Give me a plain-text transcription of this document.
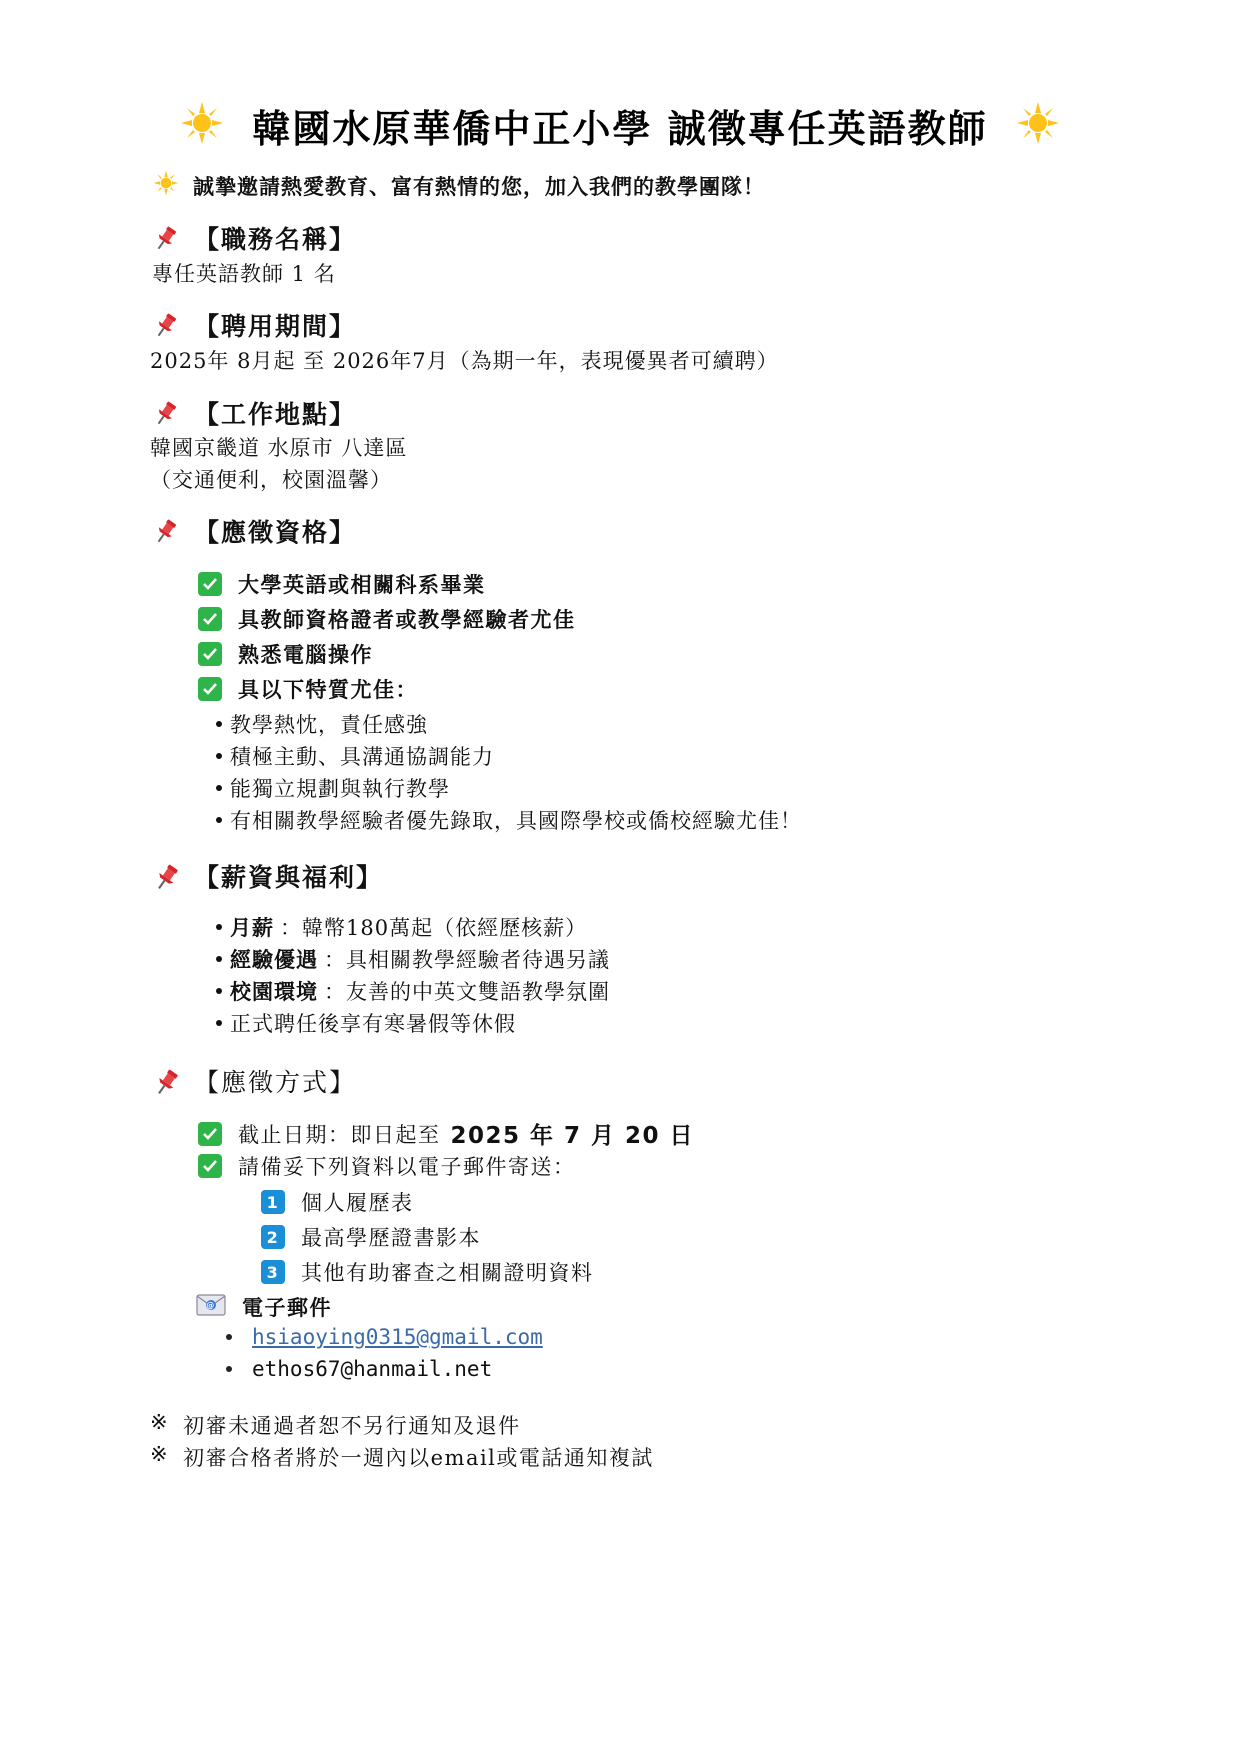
韓國水原華僑中正小學 誠徵專任英語教師
誠摯邀請熱愛教育、富有熱情的您，加入我們的教學團隊！
【職務名稱】
專任英語教師 1 名
【聘用期間】
2025年 8月起 至 2026年7月（為期一年，表現優異者可續聘）
【工作地點】
韓國京畿道 水原市 八達區
（交通便利，校園溫馨）
【應徵資格】
大學英語或相關科系畢業
具教師資格證者或教學經驗者尤佳
熟悉電腦操作
具以下特質尤佳：
教學熱忱，責任感強
積極主動、具溝通協調能力
能獨立規劃與執行教學
有相關教學經驗者優先錄取，具國際學校或僑校經驗尤佳！
【薪資與福利】
月薪 ：韓幣180萬起（依經歷核薪）
經驗優遇 ：具相關教學經驗者待遇另議
校園環境 ：友善的中英文雙語教學氛圍
正式聘任後享有寒暑假等休假
【應徵方式】
截止日期：即日起至 2025 年 7 月 20 日
請備妥下列資料以電子郵件寄送：
1 個人履歷表
2 最高學歷證書影本
3 其他有助審查之相關證明資料
@ 電子郵件
hsiaoying0315@gmail.com
ethos67@hanmail.net
※ 初審未通過者恕不另行通知及退件
※ 初審合格者將於一週內以email或電話通知複試
